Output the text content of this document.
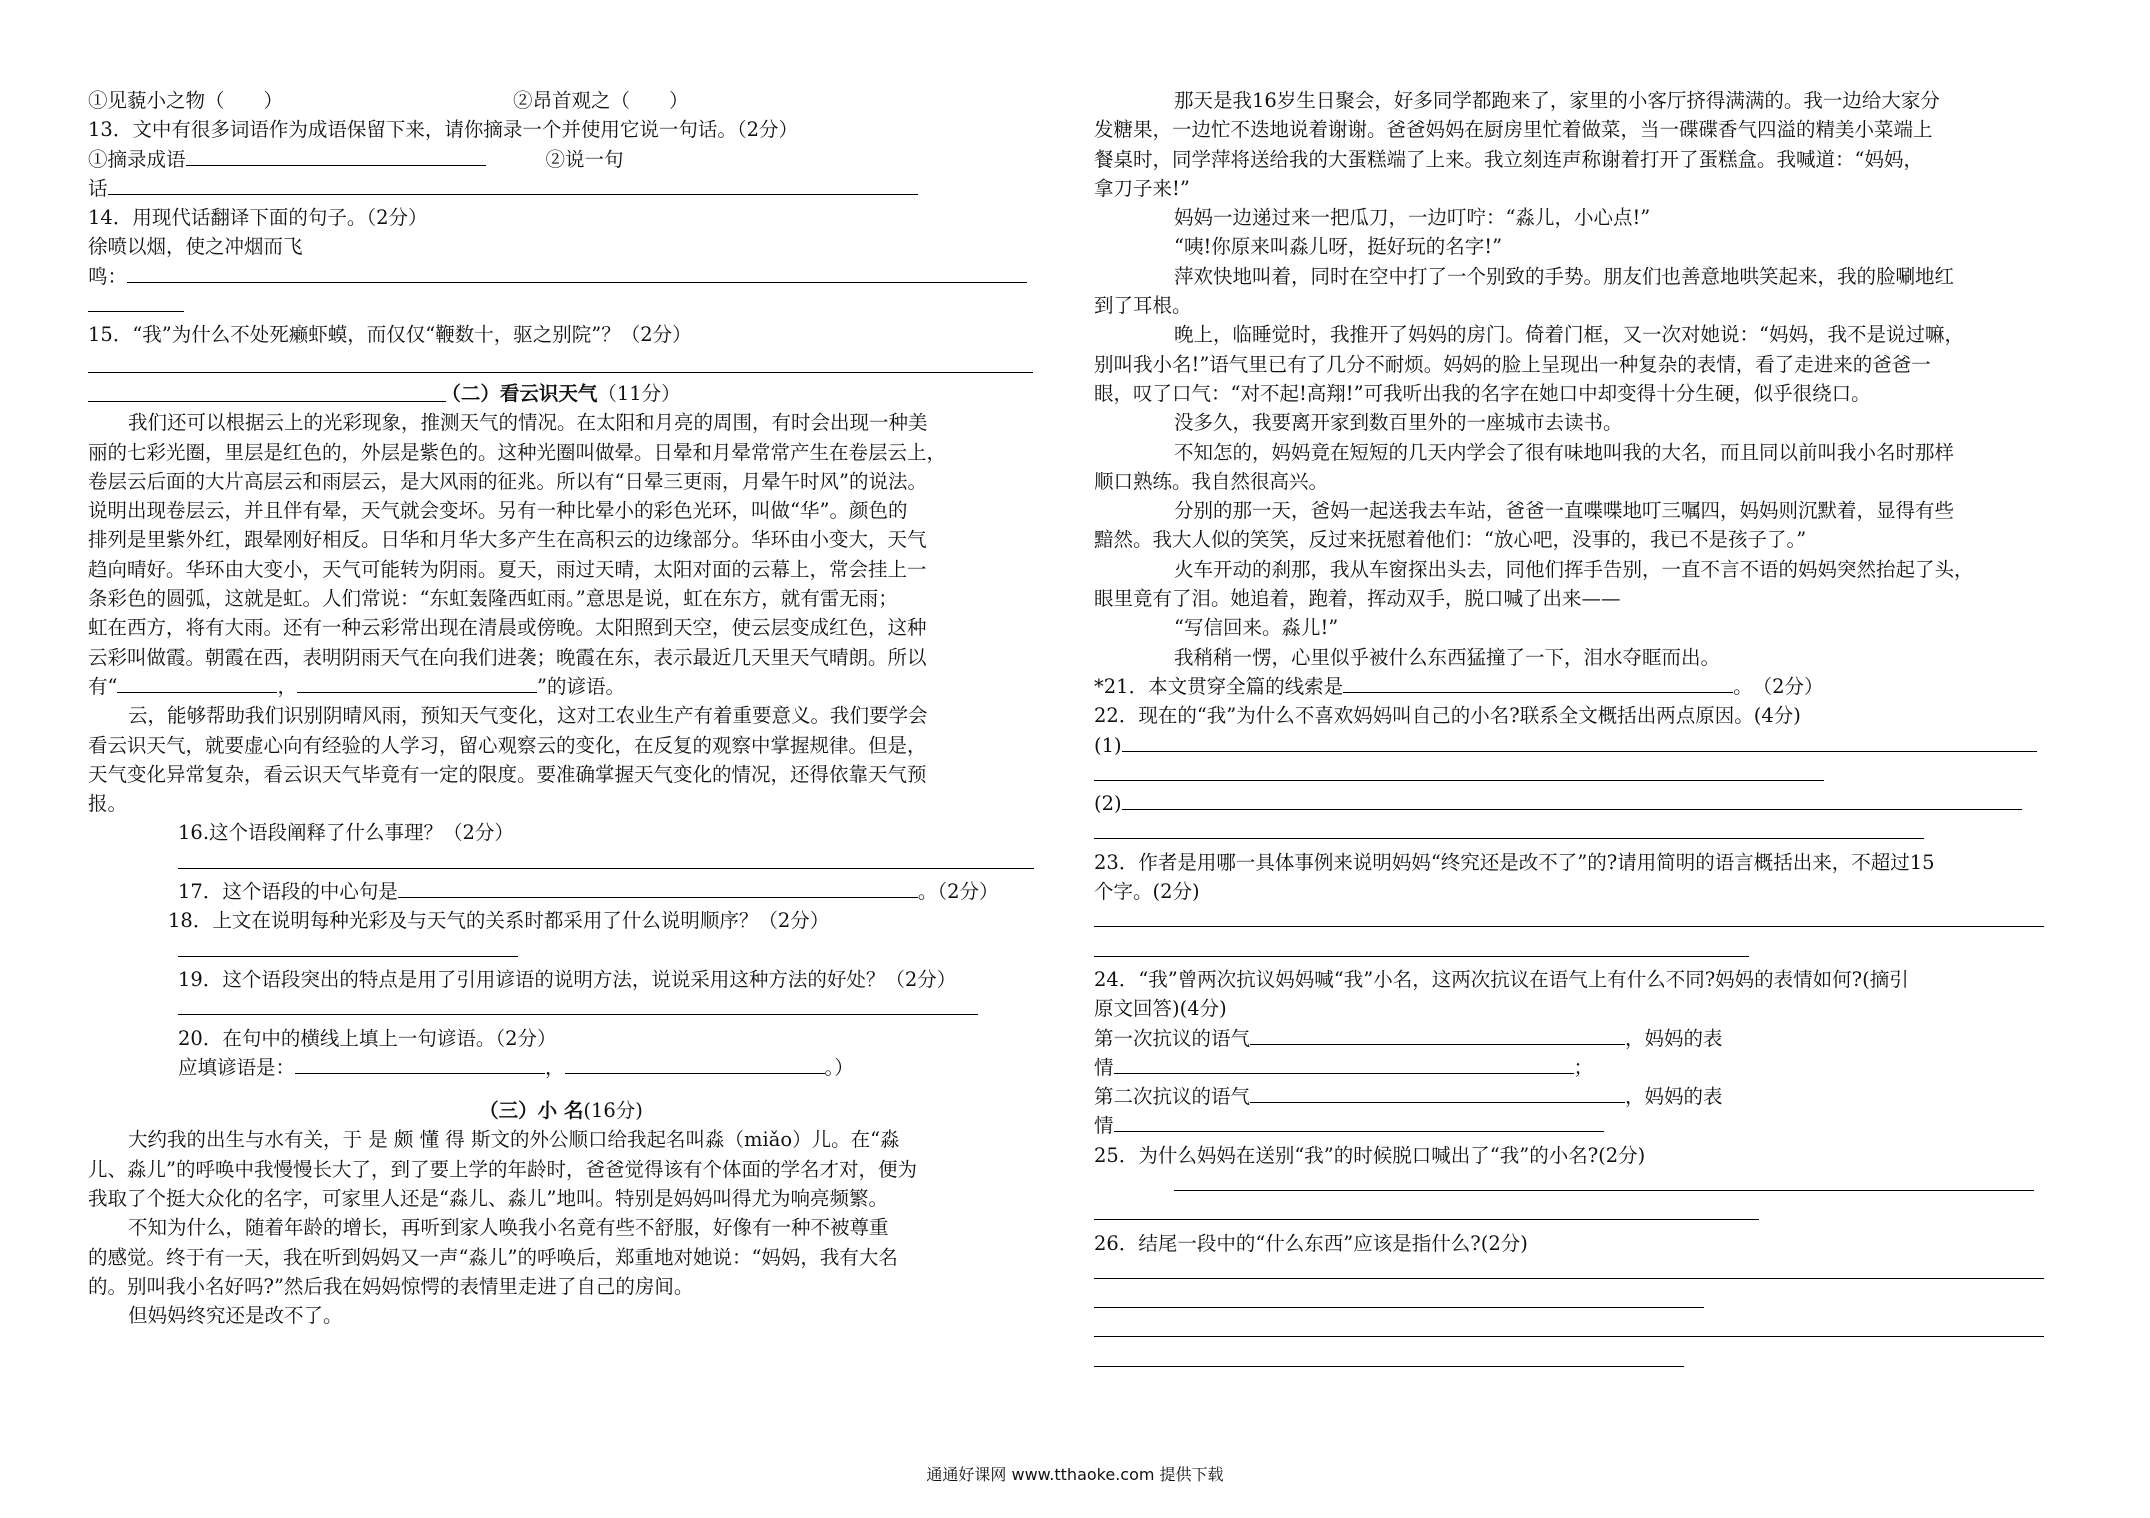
①见藐小之物（　　）	②昂首观之（　　）
13．文中有很多词语作为成语保留下来，请你摘录一个并使用它说一句话。（2分）
①摘录成语	②说一句
话
14．用现代话翻译下面的句子。（2分）
徐喷以烟，使之冲烟而飞
鸣：
15．“我”为什么不处死癞虾蟆，而仅仅“鞭数十，驱之别院”？（2分）
（二）看云识天气（11分）
我们还可以根据云上的光彩现象，推测天气的情况。在太阳和月亮的周围，有时会出现一种美
丽的七彩光圈，里层是红色的，外层是紫色的。这种光圈叫做晕。日晕和月晕常常产生在卷层云上，
卷层云后面的大片高层云和雨层云，是大风雨的征兆。所以有“日晕三更雨，月晕午时风”的说法。
说明出现卷层云，并且伴有晕，天气就会变坏。另有一种比晕小的彩色光环，叫做“华”。颜色的
排列是里紫外红，跟晕刚好相反。日华和月华大多产生在高积云的边缘部分。华环由小变大，天气
趋向晴好。华环由大变小，天气可能转为阴雨。夏天，雨过天晴，太阳对面的云幕上，常会挂上一
条彩色的圆弧，这就是虹。人们常说：“东虹轰隆西虹雨。”意思是说，虹在东方，就有雷无雨；
虹在西方，将有大雨。还有一种云彩常出现在清晨或傍晚。太阳照到天空，使云层变成红色，这种
云彩叫做霞。朝霞在西，表明阴雨天气在向我们进袭；晚霞在东，表示最近几天里天气晴朗。所以
有“	，	”的谚语。
云，能够帮助我们识别阴晴风雨，预知天气变化，这对工农业生产有着重要意义。我们要学会
看云识天气，就要虚心向有经验的人学习，留心观察云的变化，在反复的观察中掌握规律。但是，
天气变化异常复杂，看云识天气毕竟有一定的限度。要准确掌握天气变化的情况，还得依靠天气预
报。
16.这个语段阐释了什么事理？（2分）
17．这个语段的中心句是	。（2分）
18．上文在说明每种光彩及与天气的关系时都采用了什么说明顺序？（2分）
19．这个语段突出的特点是用了引用谚语的说明方法，说说采用这种方法的好处？（2分）
20．在句中的横线上填上一句谚语。（2分）
应填谚语是：	，	。）
（三）小 名(16分)
大约我的出生与水有关，于 是 颇 懂 得 斯文的外公顺口给我起名叫淼（miǎo）儿。在“淼
儿、淼儿”的呼唤中我慢慢长大了，到了要上学的年龄时，爸爸觉得该有个体面的学名才对，便为
我取了个挺大众化的名字，可家里人还是“淼儿、淼儿”地叫。特别是妈妈叫得尤为响亮频繁。
不知为什么，随着年龄的增长，再听到家人唤我小名竟有些不舒服，好像有一种不被尊重
的感觉。终于有一天，我在听到妈妈又一声“淼儿”的呼唤后，郑重地对她说：“妈妈，我有大名
的。别叫我小名好吗?”然后我在妈妈惊愕的表情里走进了自己的房间。
但妈妈终究还是改不了。
那天是我16岁生日聚会，好多同学都跑来了，家里的小客厅挤得满满的。我一边给大家分
发糖果，一边忙不迭地说着谢谢。爸爸妈妈在厨房里忙着做菜，当一碟碟香气四溢的精美小菜端上
餐桌时，同学萍将送给我的大蛋糕端了上来。我立刻连声称谢着打开了蛋糕盒。我喊道：“妈妈，
拿刀子来!”
妈妈一边递过来一把瓜刀，一边叮咛：“淼儿，小心点!”
“咦!你原来叫淼儿呀，挺好玩的名字!”
萍欢快地叫着，同时在空中打了一个别致的手势。朋友们也善意地哄笑起来，我的脸唰地红
到了耳根。
晚上，临睡觉时，我推开了妈妈的房门。倚着门框，又一次对她说：“妈妈，我不是说过嘛，
别叫我小名!”语气里已有了几分不耐烦。妈妈的脸上呈现出一种复杂的表情，看了走进来的爸爸一
眼，叹了口气：“对不起!高翔!”可我听出我的名字在她口中却变得十分生硬，似乎很绕口。
没多久，我要离开家到数百里外的一座城市去读书。
不知怎的，妈妈竟在短短的几天内学会了很有味地叫我的大名，而且同以前叫我小名时那样
顺口熟练。我自然很高兴。
分别的那一天，爸妈一起送我去车站，爸爸一直喋喋地叮三嘱四，妈妈则沉默着，显得有些
黯然。我大人似的笑笑，反过来抚慰着他们：“放心吧，没事的，我已不是孩子了。”
火车开动的刹那，我从车窗探出头去，同他们挥手告别，一直不言不语的妈妈突然抬起了头，
眼里竟有了泪。她追着，跑着，挥动双手，脱口喊了出来——
“写信回来。淼儿!”
我稍稍一愣，心里似乎被什么东西猛撞了一下，泪水夺眶而出。
*21．本文贯穿全篇的线索是	。　（2分）
22．现在的“我”为什么不喜欢妈妈叫自己的小名?联系全文概括出两点原因。(4分)
(1)
(2)
23．作者是用哪一具体事例来说明妈妈“终究还是改不了”的?请用简明的语言概括出来，不超过15
个字。(2分)
24．“我”曾两次抗议妈妈喊“我”小名，这两次抗议在语气上有什么不同?妈妈的表情如何?(摘引
原文回答)(4分)
第一次抗议的语气	，妈妈的表
情	；
第二次抗议的语气	，妈妈的表
情
25．为什么妈妈在送别“我”的时候脱口喊出了“我”的小名?(2分)
26．结尾一段中的“什么东西”应该是指什么?(2分)
通通好课网 www.tthaoke.com 提供下载
